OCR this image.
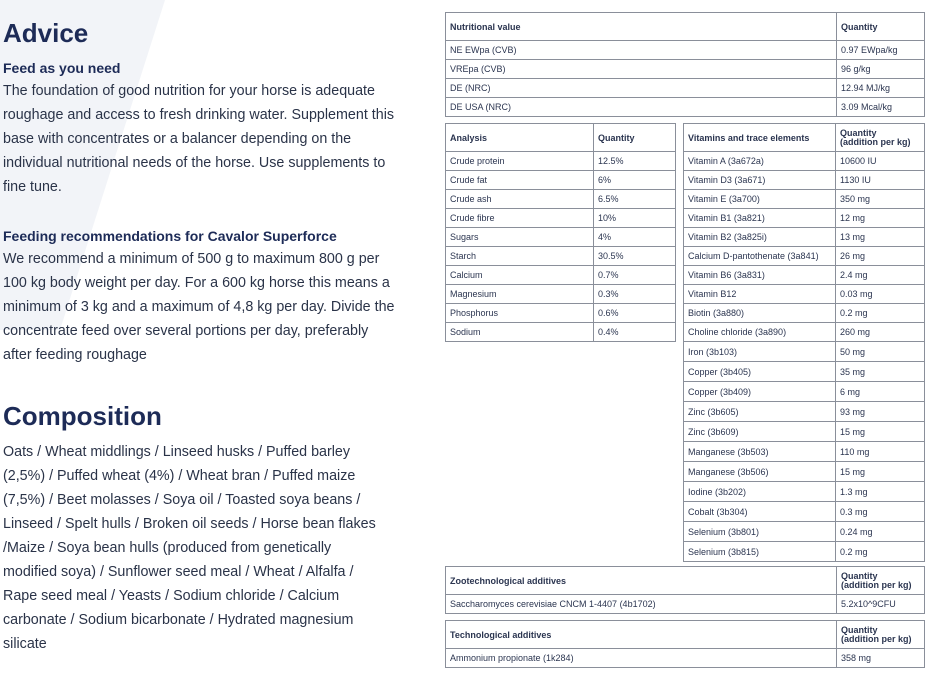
Advice
Feed as you need
The foundation of good nutrition for your horse is adequate roughage and access to fresh drinking water. Supplement this base with concentrates or a balancer depending on the individual nutritional needs of the horse. Use supplements to fine tune.
Feeding recommendations for Cavalor Superforce
We recommend a minimum of 500 g to maximum 800 g per 100 kg body weight per day. For a 600 kg horse this means a minimum of 3 kg and a maximum of 4,8 kg per day. Divide the concentrate feed over several portions per day, preferably after feeding roughage
Composition
Oats / Wheat middlings / Linseed husks / Puffed barley (2,5%) / Puffed wheat (4%) / Wheat bran / Puffed maize (7,5%) / Beet molasses / Soya oil / Toasted soya beans / Linseed / Spelt hulls / Broken oil seeds / Horse bean flakes /Maize / Soya bean hulls (produced from genetically modified soya) / Sunflower seed meal / Wheat / Alfalfa / Rape seed meal / Yeasts / Sodium chloride / Calcium carbonate / Sodium bicarbonate / Hydrated magnesium silicate
Nutritional value	Quantity
NE EWpa (CVB)	0.97 EWpa/kg
VREpa (CVB)	96 g/kg
DE (NRC)	12.94 MJ/kg
DE USA (NRC)	3.09 Mcal/kg
Analysis	Quantity
Crude protein	12.5%
Crude fat	6%
Crude ash	6.5%
Crude fibre	10%
Sugars	4%
Starch	30.5%
Calcium	0.7%
Magnesium	0.3%
Phosphorus	0.6%
Sodium	0.4%
Vitamins and trace elements	Quantity
(addition per kg)
Vitamin A (3a672a)	10600 IU
Vitamin D3 (3a671)	1130 IU
Vitamin E (3a700)	350 mg
Vitamin B1 (3a821)	12 mg
Vitamin B2 (3a825i)	13 mg
Calcium D-pantothenate (3a841)	26 mg
Vitamin B6 (3a831)	2.4 mg
Vitamin B12	0.03 mg
Biotin (3a880)	0.2 mg
Choline chloride (3a890)	260 mg
Iron (3b103)	50 mg
Copper (3b405)	35 mg
Copper (3b409)	6 mg
Zinc (3b605)	93 mg
Zinc (3b609)	15 mg
Manganese (3b503)	110 mg
Manganese (3b506)	15 mg
Iodine (3b202)	1.3 mg
Cobalt (3b304)	0.3 mg
Selenium (3b801)	0.24 mg
Selenium (3b815)	0.2 mg
Zootechnological additives	Quantity
(addition per kg)
Saccharomyces cerevisiae CNCM 1-4407 (4b1702)	5.2x10^9CFU
Technological additives	Quantity
(addition per kg)
Ammonium propionate (1k284)	358 mg
